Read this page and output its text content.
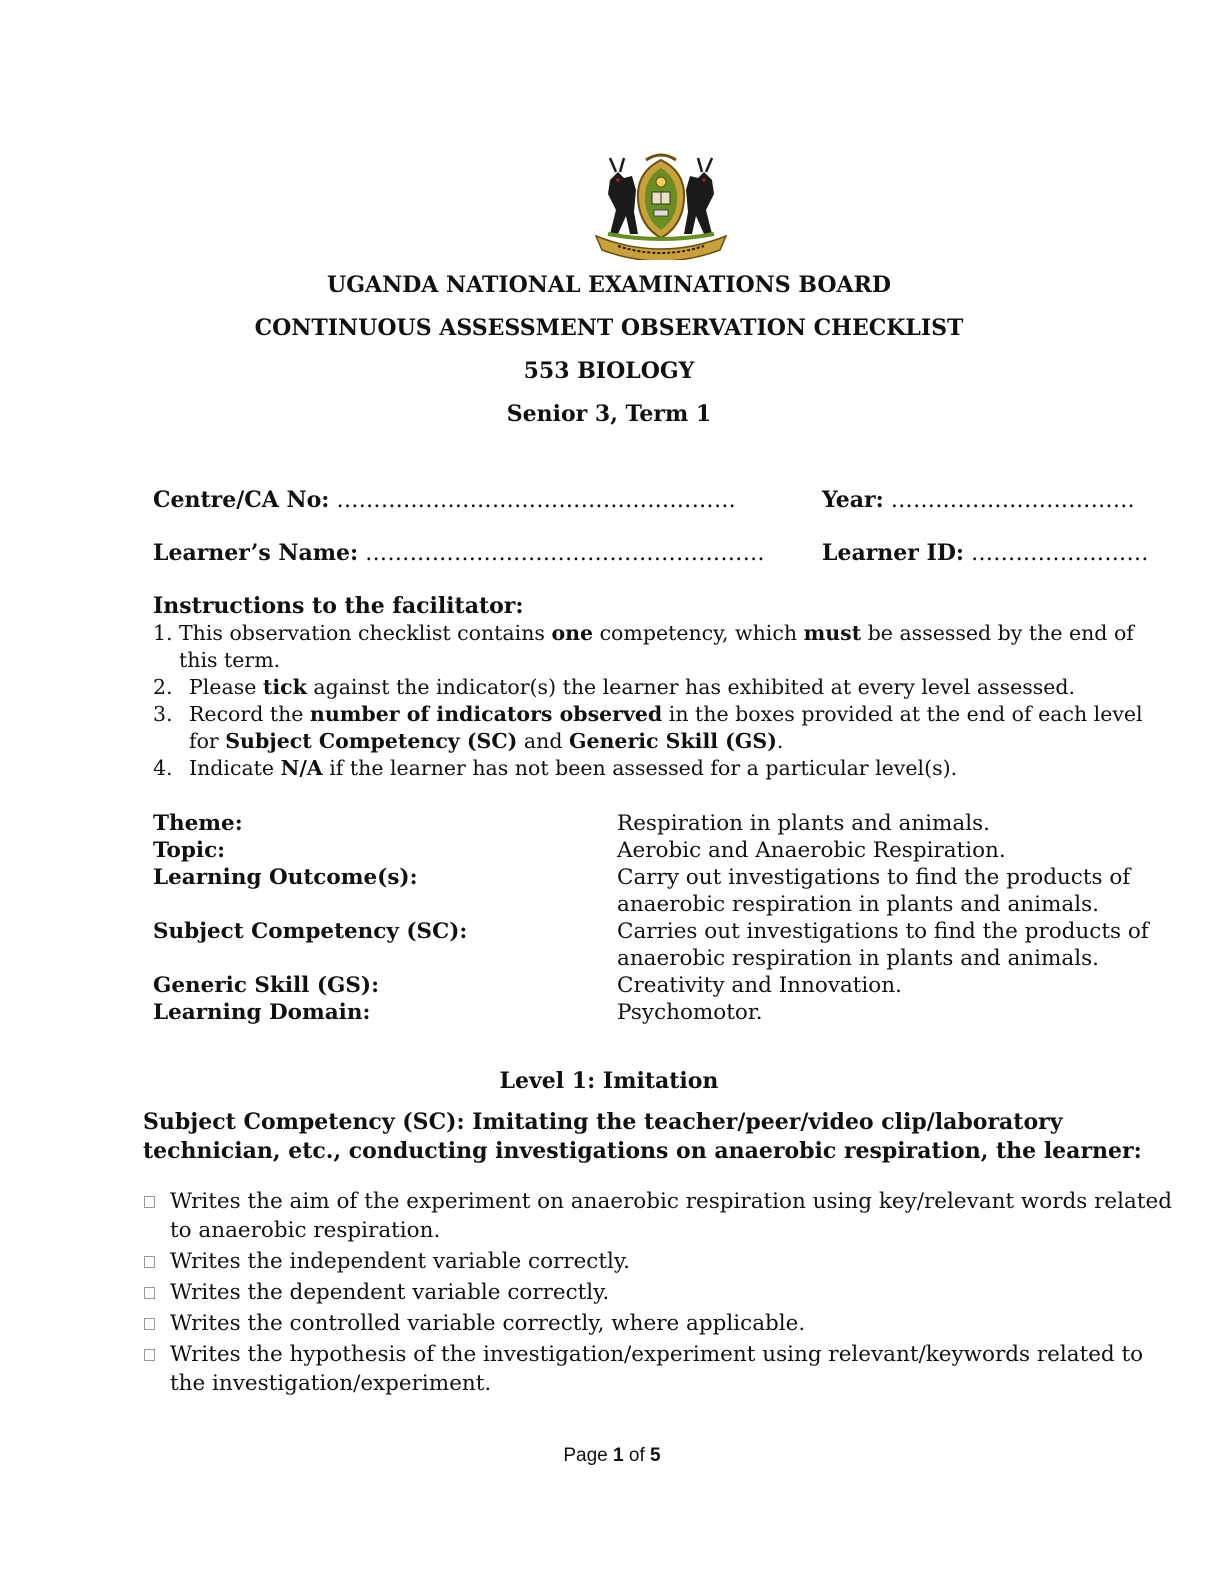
UGANDA NATIONAL EXAMINATIONS BOARD
CONTINUOUS ASSESSMENT OBSERVATION CHECKLIST
553 BIOLOGY
Senior 3, Term 1
Centre/CA No: ………………………………………………	Year: ……………………………
Learner’s Name: ………………………………………………	Learner ID: ……………………
Instructions to the facilitator:
1. This observation checklist contains one competency, which must be assessed by the end of this term.
2. Please tick against the indicator(s) the learner has exhibited at every level assessed.
3. Record the number of indicators observed in the boxes provided at the end of each level for Subject Competency (SC) and Generic Skill (GS).
4. Indicate N/A if the learner has not been assessed for a particular level(s).
Theme:	Respiration in plants and animals.
Topic:	Aerobic and Anaerobic Respiration.
Learning Outcome(s):	Carry out investigations to find the products of anaerobic respiration in plants and animals.
Subject Competency (SC):	Carries out investigations to find the products of anaerobic respiration in plants and animals.
Generic Skill (GS):	Creativity and Innovation.
Learning Domain:	Psychomotor.
Level 1: Imitation

Subject Competency (SC): Imitating the teacher/peer/video clip/laboratory technician, etc., conducting investigations on anaerobic respiration, the learner:

Writes the aim of the experiment on anaerobic respiration using key/relevant words related to anaerobic respiration.
Writes the independent variable correctly.
Writes the dependent variable correctly.
Writes the controlled variable correctly, where applicable.
Writes the hypothesis of the investigation/experiment using relevant/keywords related to the investigation/experiment.
Page 1 of 5
